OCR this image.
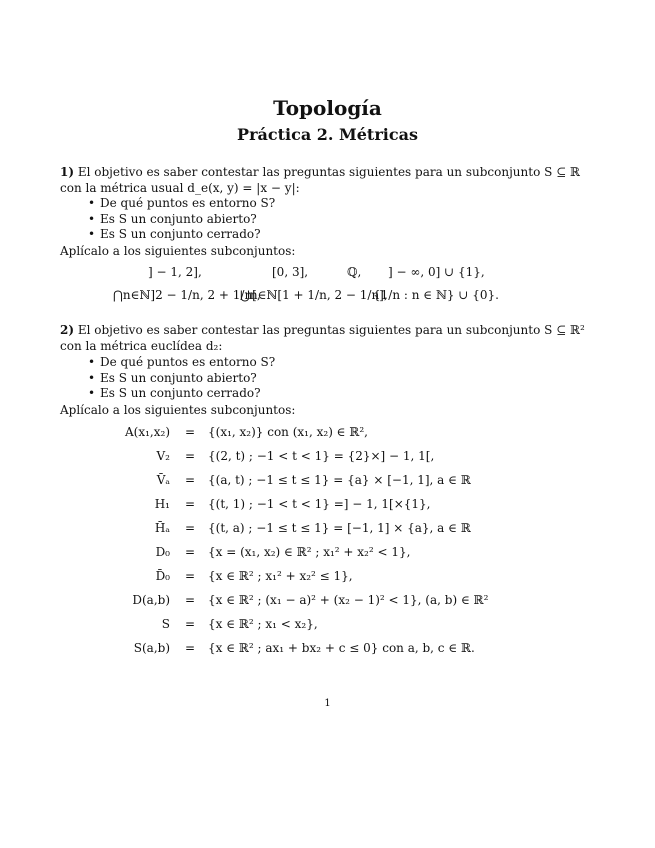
Topología
Práctica 2. Métricas
1) El objetivo es saber contestar las preguntas siguientes para un subconjunto S ⊆ ℝ con la métrica usual d_e(x, y) = |x − y|:
• De qué puntos es entorno S?
• Es S un conjunto abierto?
• Es S un conjunto cerrado?
Aplícalo a los siguientes subconjuntos:
] − 1, 2],	[0, 3],	ℚ, ] − ∞, 0] ∪ {1},
⋂n∈ℕ]2 − 1/n, 2 + 1/n[,
⋃n∈ℕ[1 + 1/n, 2 − 1/n],
{1/n : n ∈ ℕ} ∪ {0}.
2) El objetivo es saber contestar las preguntas siguientes para un subconjunto S ⊆ ℝ² con la métrica euclídea d₂:
• De qué puntos es entorno S?
• Es S un conjunto abierto?
• Es S un conjunto cerrado?
Aplícalo a los siguientes subconjuntos:
A(x₁,x₂)	=	{(x₁, x₂)} con (x₁, x₂) ∈ ℝ²,
V₂	=	{(2, t) ; −1 < t < 1} = {2}×] − 1, 1[,
V̄ₐ	=	{(a, t) ; −1 ≤ t ≤ 1} = {a} × [−1, 1], a ∈ ℝ
H₁	=	{(t, 1) ; −1 < t < 1} =] − 1, 1[×{1},
H̄ₐ	=	{(t, a) ; −1 ≤ t ≤ 1} = [−1, 1] × {a}, a ∈ ℝ
D₀	=	{x = (x₁, x₂) ∈ ℝ² ; x₁² + x₂² < 1},
D̄₀	=	{x ∈ ℝ² ; x₁² + x₂² ≤ 1},
D(a,b)	=	{x ∈ ℝ² ; (x₁ − a)² + (x₂ − 1)² < 1}, (a, b) ∈ ℝ²
S	=	{x ∈ ℝ² ; x₁ < x₂},
S(a,b)	=	{x ∈ ℝ² ; ax₁ + bx₂ + c ≤ 0} con a, b, c ∈ ℝ.
1
